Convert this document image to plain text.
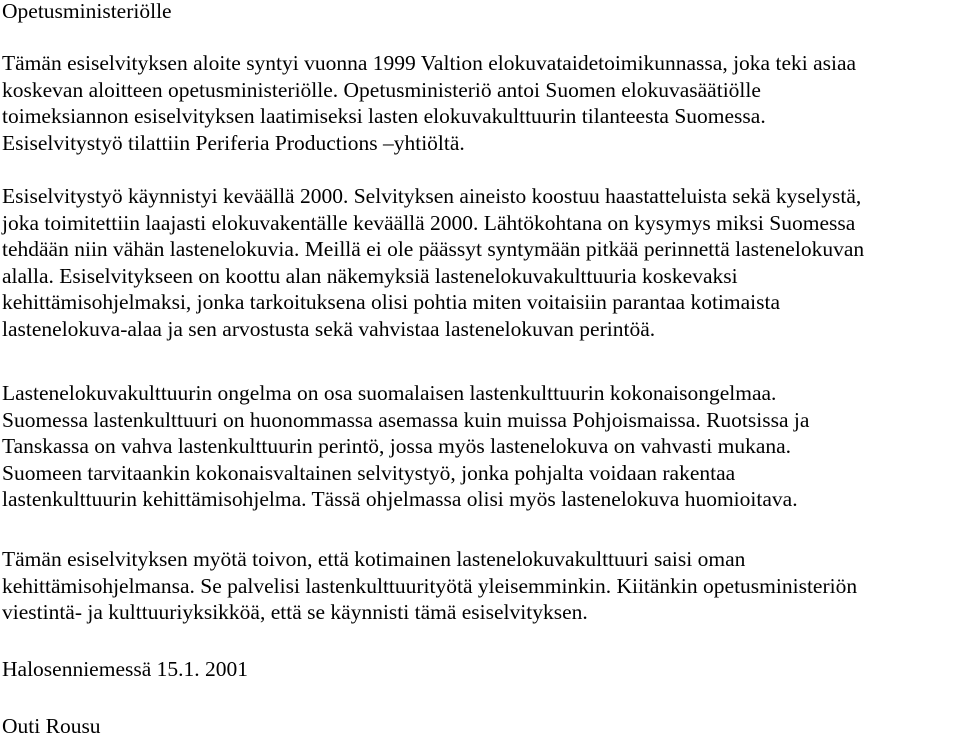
Opetusministeriölle
Tämän esiselvityksen aloite syntyi vuonna 1999 Valtion elokuvataidetoimikunnassa, joka teki asiaa
koskevan aloitteen opetusministeriölle. Opetusministeriö antoi Suomen elokuvasäätiölle
toimeksiannon esiselvityksen laatimiseksi lasten elokuvakulttuurin tilanteesta Suomessa.
Esiselvitystyö tilattiin Periferia Productions –yhtiöltä.
Esiselvitystyö käynnistyi keväällä 2000. Selvityksen aineisto koostuu haastatteluista sekä kyselystä,
joka toimitettiin laajasti elokuvakentälle keväällä 2000. Lähtökohtana on kysymys miksi Suomessa
tehdään niin vähän lastenelokuvia. Meillä ei ole päässyt syntymään pitkää perinnettä lastenelokuvan
alalla. Esiselvitykseen on koottu alan näkemyksiä lastenelokuvakulttuuria koskevaksi
kehittämisohjelmaksi, jonka tarkoituksena olisi pohtia miten voitaisiin parantaa kotimaista
lastenelokuva-alaa ja sen arvostusta sekä vahvistaa lastenelokuvan perintöä.
Lastenelokuvakulttuurin ongelma on osa suomalaisen lastenkulttuurin kokonaisongelmaa.
Suomessa lastenkulttuuri on huonommassa asemassa kuin muissa Pohjoismaissa. Ruotsissa ja
Tanskassa on vahva lastenkulttuurin perintö, jossa myös lastenelokuva on vahvasti mukana.
Suomeen tarvitaankin kokonaisvaltainen selvitystyö, jonka pohjalta voidaan rakentaa
lastenkulttuurin kehittämisohjelma. Tässä ohjelmassa olisi myös lastenelokuva huomioitava.
Tämän esiselvityksen myötä toivon, että kotimainen lastenelokuvakulttuuri saisi oman
kehittämisohjelmansa. Se palvelisi lastenkulttuurityötä yleisemminkin. Kiitänkin opetusministeriön
viestintä- ja kulttuuriyksikköä, että se käynnisti tämä esiselvityksen.
Halosenniemessä 15.1. 2001
Outi Rousu
